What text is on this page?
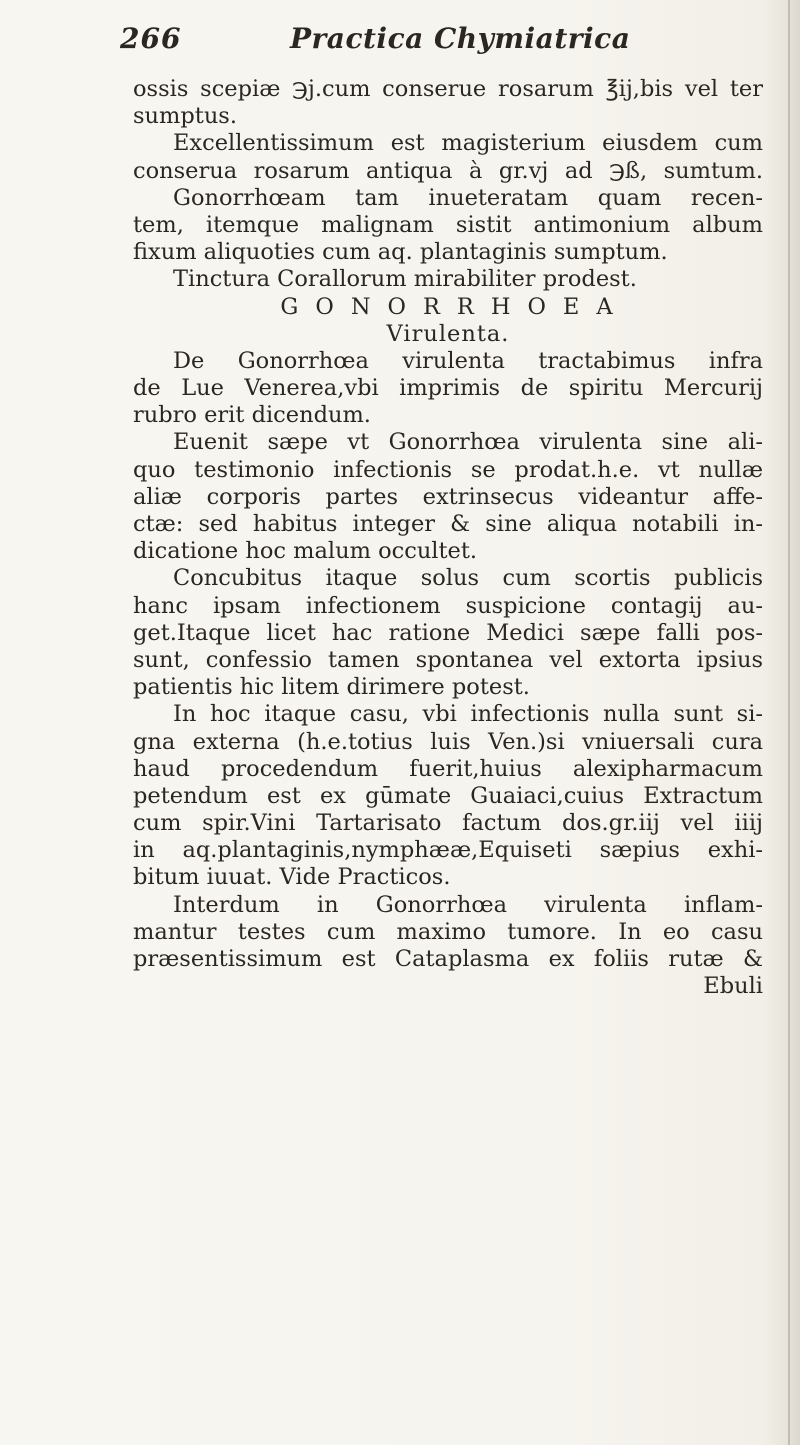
266	Practica Chymiatrica
ossis scepiæ ℈j.cum conserue rosarum ℥ij,bis vel ter
sumptus.
Excellentissimum est magisterium eiusdem cum
conserua rosarum antiqua à gr.vj ad ℈ß, sumtum.
Gonorrhœam tam inueteratam quam recen-
tem, itemque malignam sistit antimonium album
fixum aliquoties cum aq. plantaginis sumptum.
Tinctura Corallorum mirabiliter prodest.
GONORRHOEA
Virulenta.
De Gonorrhœa virulenta tractabimus infra
de Lue Venerea,vbi imprimis de spiritu Mercurij
rubro erit dicendum.
Euenit sæpe vt Gonorrhœa virulenta sine ali-
quo testimonio infectionis se prodat.h.e. vt nullæ
aliæ corporis partes extrinsecus videantur affe-
ctæ: sed habitus integer & sine aliqua notabili in-
dicatione hoc malum occultet.
Concubitus itaque solus cum scortis publicis
hanc ipsam infectionem suspicione contagij au-
get.Itaque licet hac ratione Medici sæpe falli pos-
sunt, confessio tamen spontanea vel extorta ipsius
patientis hic litem dirimere potest.
In hoc itaque casu, vbi infectionis nulla sunt si-
gna externa (h.e.totius luis Ven.)si vniuersali cura
haud procedendum fuerit,huius alexipharmacum
petendum est ex gūmate Guaiaci,cuius Extractum
cum spir.Vini Tartarisato factum dos.gr.iij vel iiij
in aq.plantaginis,nymphææ,Equiseti sæpius exhi-
bitum iuuat. Vide Practicos.
Interdum in Gonorrhœa virulenta inflam-
mantur testes cum maximo tumore. In eo casu
præsentissimum est Cataplasma ex foliis rutæ &
Ebuli
